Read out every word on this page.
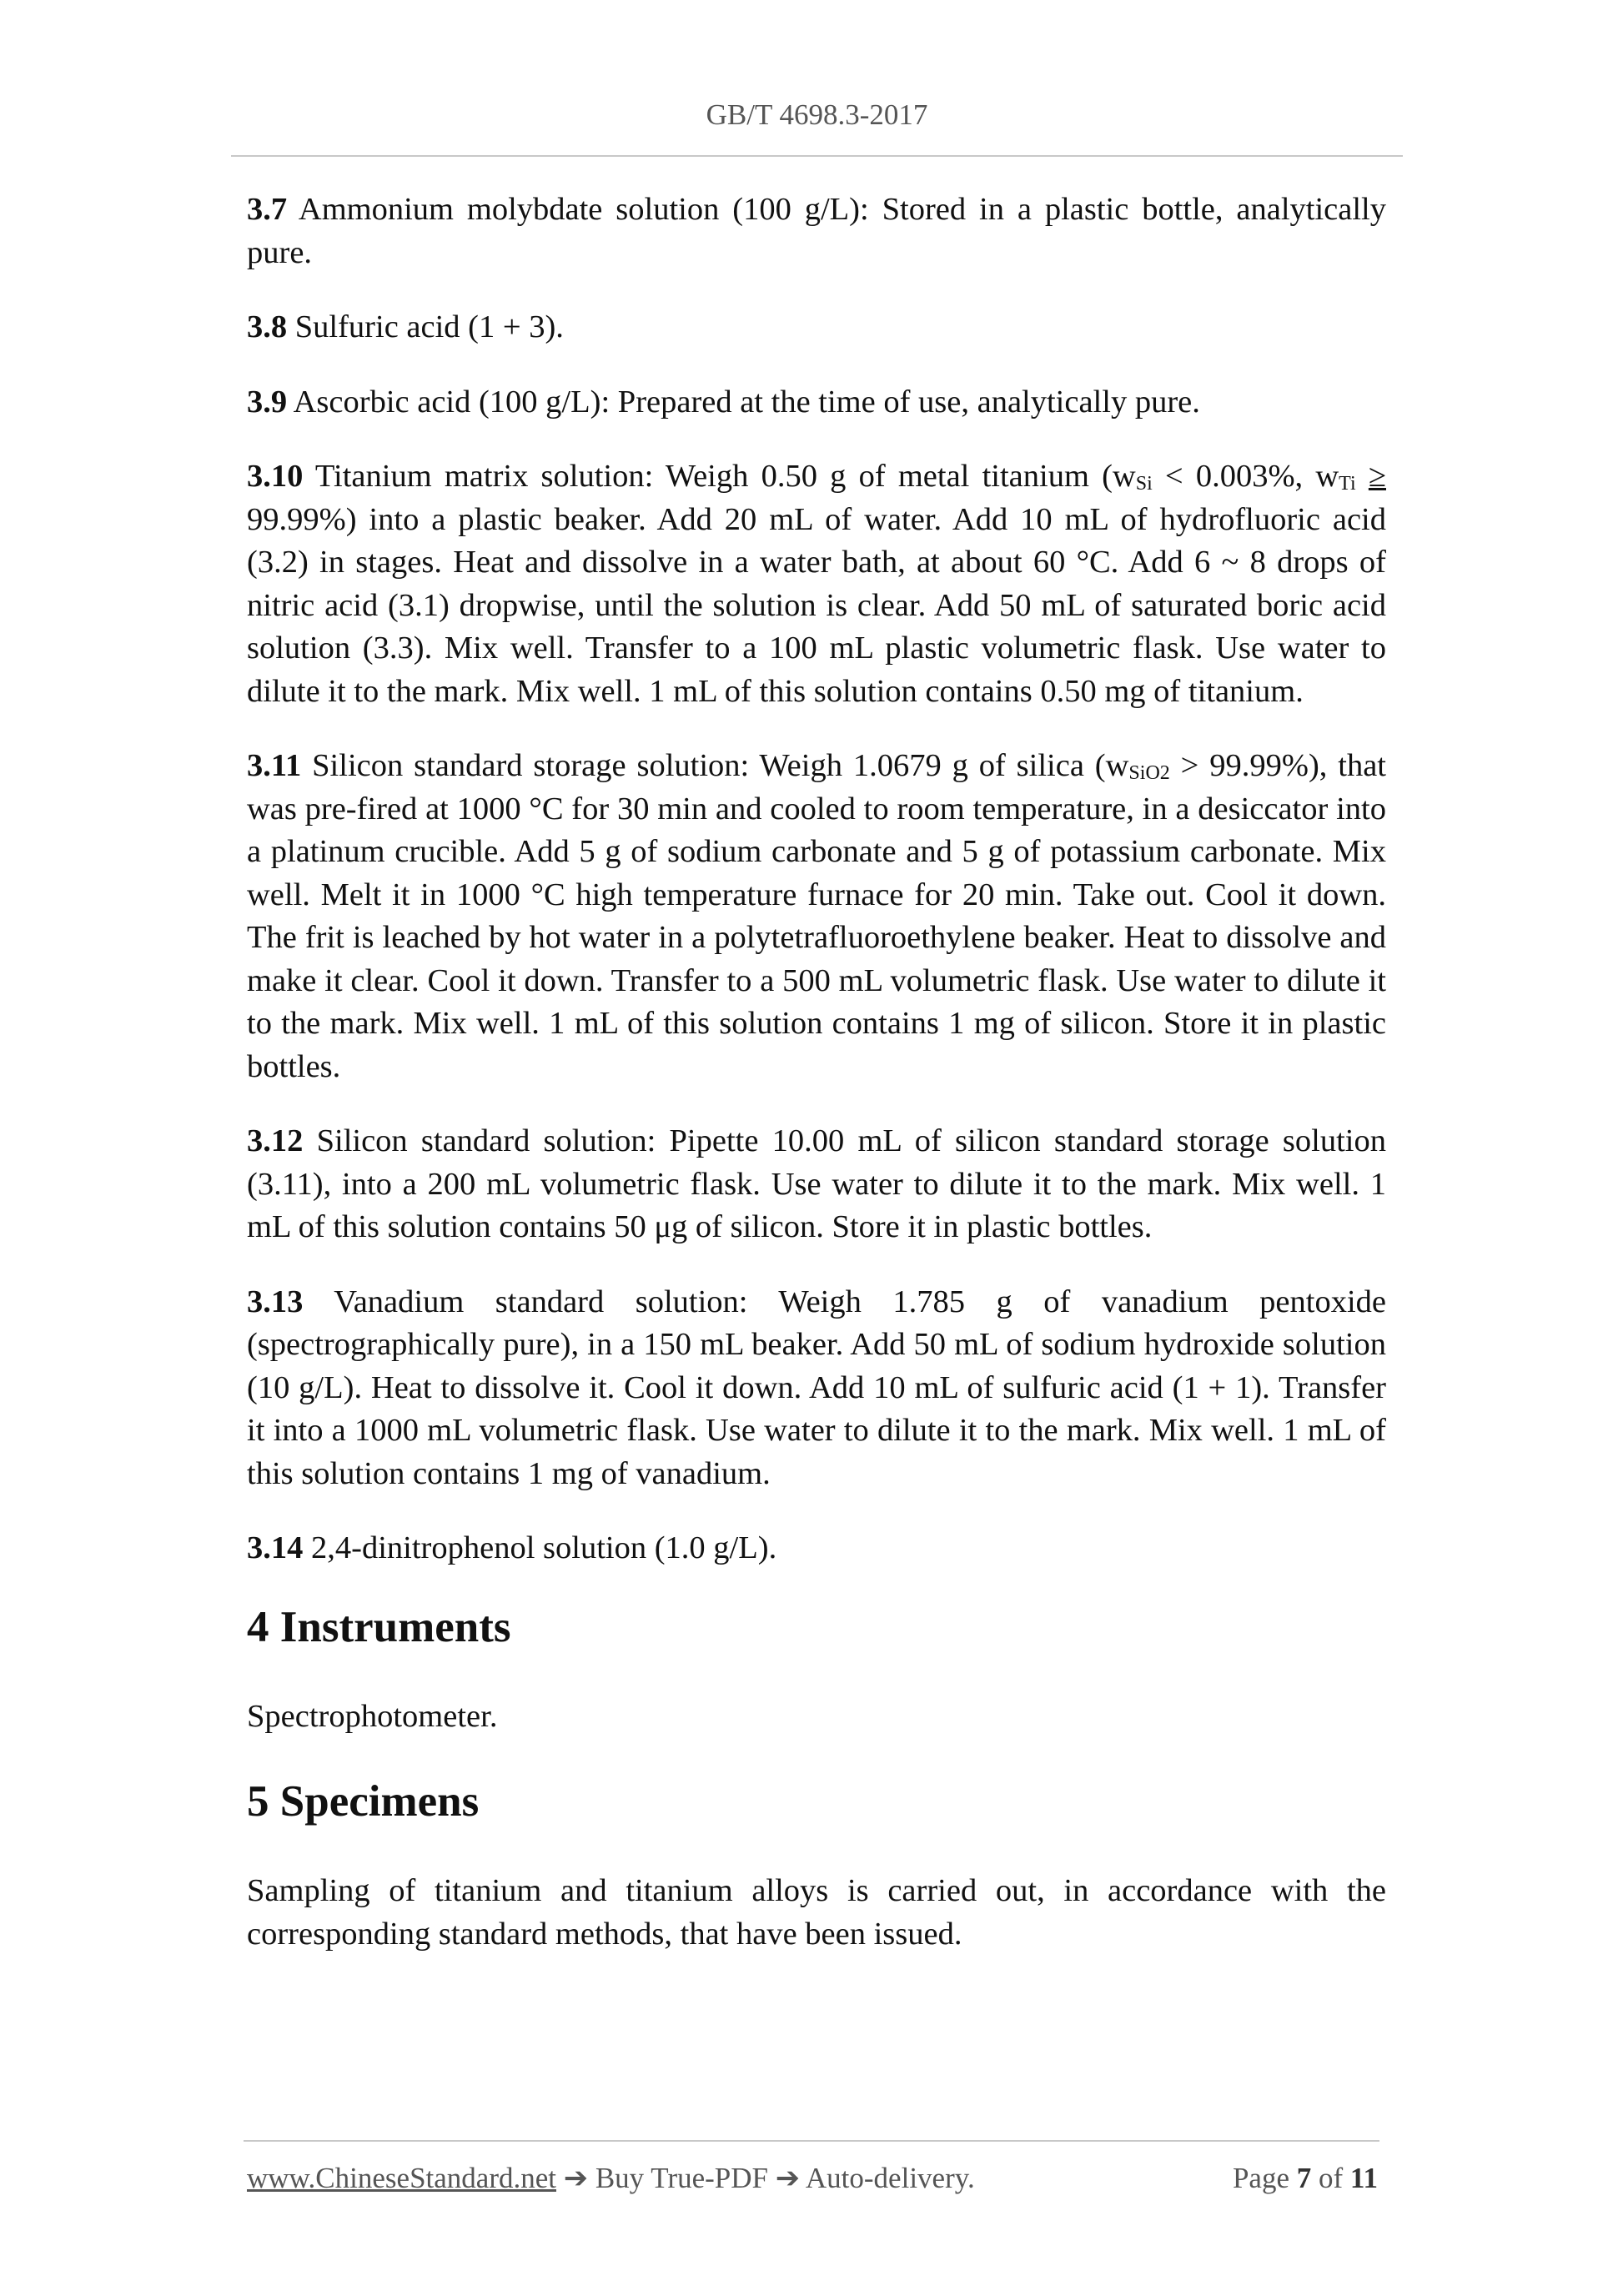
GB/T 4698.3-2017

3.7 Ammonium molybdate solution (100 g/L): Stored in a plastic bottle, analytically pure.

3.8 Sulfuric acid (1 + 3).

3.9 Ascorbic acid (100 g/L): Prepared at the time of use, analytically pure.

3.10 Titanium matrix solution: Weigh 0.50 g of metal titanium ($w_{Si} < 0.003\%$, $w_{Ti} \ge 99.99\%$) into a plastic beaker. Add 20 mL of water. Add 10 mL of hydrofluoric acid (3.2) in stages. Heat and dissolve in a water bath, at about 60 °C. Add 6 ~ 8 drops of nitric acid (3.1) dropwise, until the solution is clear. Add 50 mL of saturated boric acid solution (3.3). Mix well. Transfer to a 100 mL plastic volumetric flask. Use water to dilute it to the mark. Mix well. 1 mL of this solution contains 0.50 mg of titanium.

3.11 Silicon standard storage solution: Weigh 1.0679 g of silica $(w_{SiO2} > 99.99\%)$, that was pre-fired at 1000 °C for 30 min and cooled to room temperature, in a desiccator into a platinum crucible. Add 5 g of sodium carbonate and 5 g of potassium carbonate. Mix well. Melt it in 1000 °C high temperature furnace for 20 min. Take out. Cool it down. The frit is leached by hot water in a polytetrafluoroethylene beaker. Heat to dissolve and make it clear. Cool it down. Transfer to a 500 mL volumetric flask. Use water to dilute it to the mark. Mix well. 1 mL of this solution contains 1 mg of silicon. Store it in plastic bottles.

3.12 Silicon standard solution: Pipette 10.00 mL of silicon standard storage solution (3.11), into a 200 mL volumetric flask. Use water to dilute it to the mark. Mix well. 1 mL of this solution contains 50 μg of silicon. Store it in plastic bottles.

3.13 Vanadium standard solution: Weigh 1.785 g of vanadium pentoxide (spectrographically pure), in a 150 mL beaker. Add 50 mL of sodium hydroxide solution (10 g/L). Heat to dissolve it. Cool it down. Add 10 mL of sulfuric acid (1 + 1). Transfer it into a 1000 mL volumetric flask. Use water to dilute it to the mark. Mix well. 1 mL of this solution contains 1 mg of vanadium.

3.14 2,4-dinitrophenol solution (1.0 g/L).

4 Instruments

Spectrophotometer.

5 Specimens

Sampling of titanium and titanium alloys is carried out, in accordance with the corresponding standard methods, that have been issued.

www.ChineseStandard.net ➔ Buy True-PDF ➔ Auto-delivery.	Page 7 of 11
